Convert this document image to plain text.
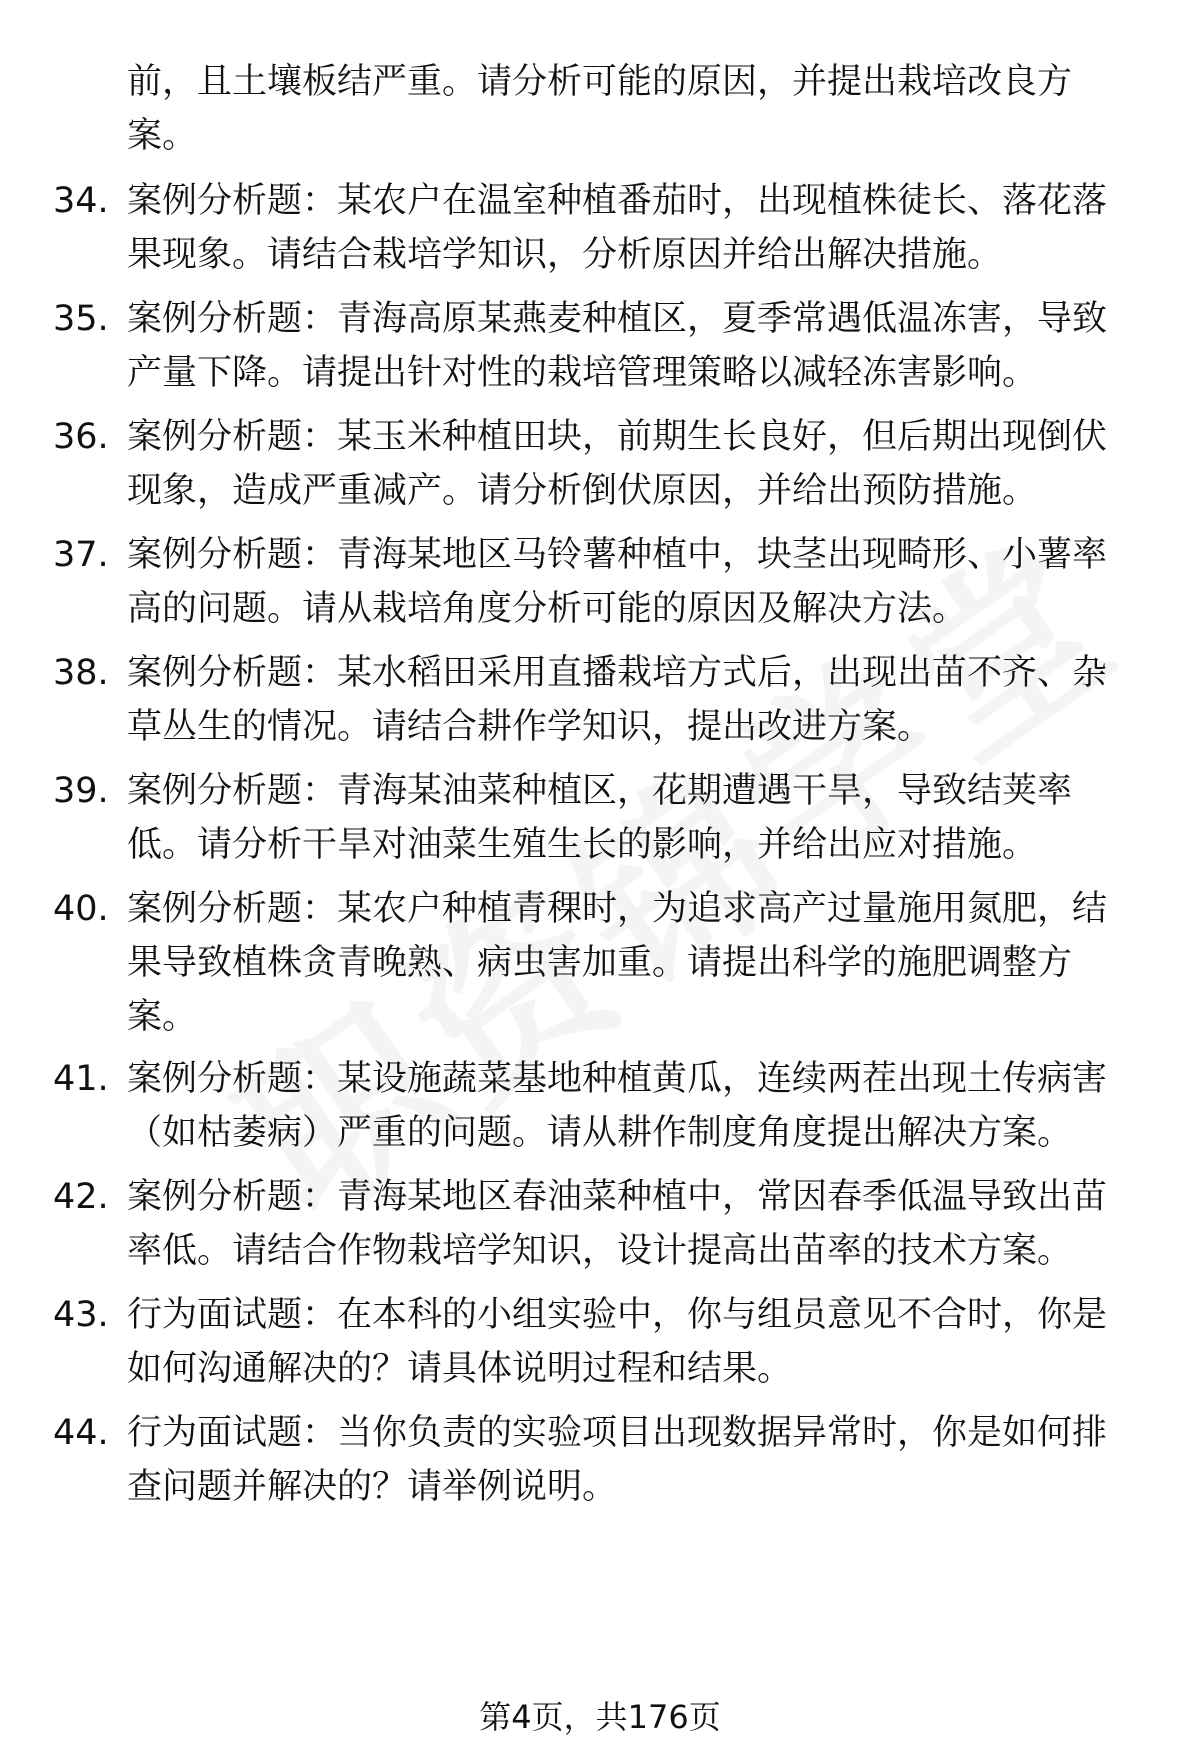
前，且土壤板结严重。请分析可能的原因，并提出栽培改良方案。
34. 案例分析题：某农户在温室种植番茄时，出现植株徒长、落花落果现象。请结合栽培学知识，分析原因并给出解决措施。
35. 案例分析题：青海高原某燕麦种植区，夏季常遇低温冻害，导致产量下降。请提出针对性的栽培管理策略以减轻冻害影响。
36. 案例分析题：某玉米种植田块，前期生长良好，但后期出现倒伏现象，造成严重减产。请分析倒伏原因，并给出预防措施。
37. 案例分析题：青海某地区马铃薯种植中，块茎出现畸形、小薯率高的问题。请从栽培角度分析可能的原因及解决方法。
38. 案例分析题：某水稻田采用直播栽培方式后，出现出苗不齐、杂草丛生的情况。请结合耕作学知识，提出改进方案。
39. 案例分析题：青海某油菜种植区，花期遭遇干旱，导致结荚率低。请分析干旱对油菜生殖生长的影响，并给出应对措施。
40. 案例分析题：某农户种植青稞时，为追求高产过量施用氮肥，结果导致植株贪青晚熟、病虫害加重。请提出科学的施肥调整方案。
41. 案例分析题：某设施蔬菜基地种植黄瓜，连续两茬出现土传病害（如枯萎病）严重的问题。请从耕作制度角度提出解决方案。
42. 案例分析题：青海某地区春油菜种植中，常因春季低温导致出苗率低。请结合作物栽培学知识，设计提高出苗率的技术方案。
43. 行为面试题：在本科的小组实验中，你与组员意见不合时，你是如何沟通解决的？请具体说明过程和结果。
44. 行为面试题：当你负责的实验项目出现数据异常时，你是如何排查问题并解决的？请举例说明。
第4页，共176页
